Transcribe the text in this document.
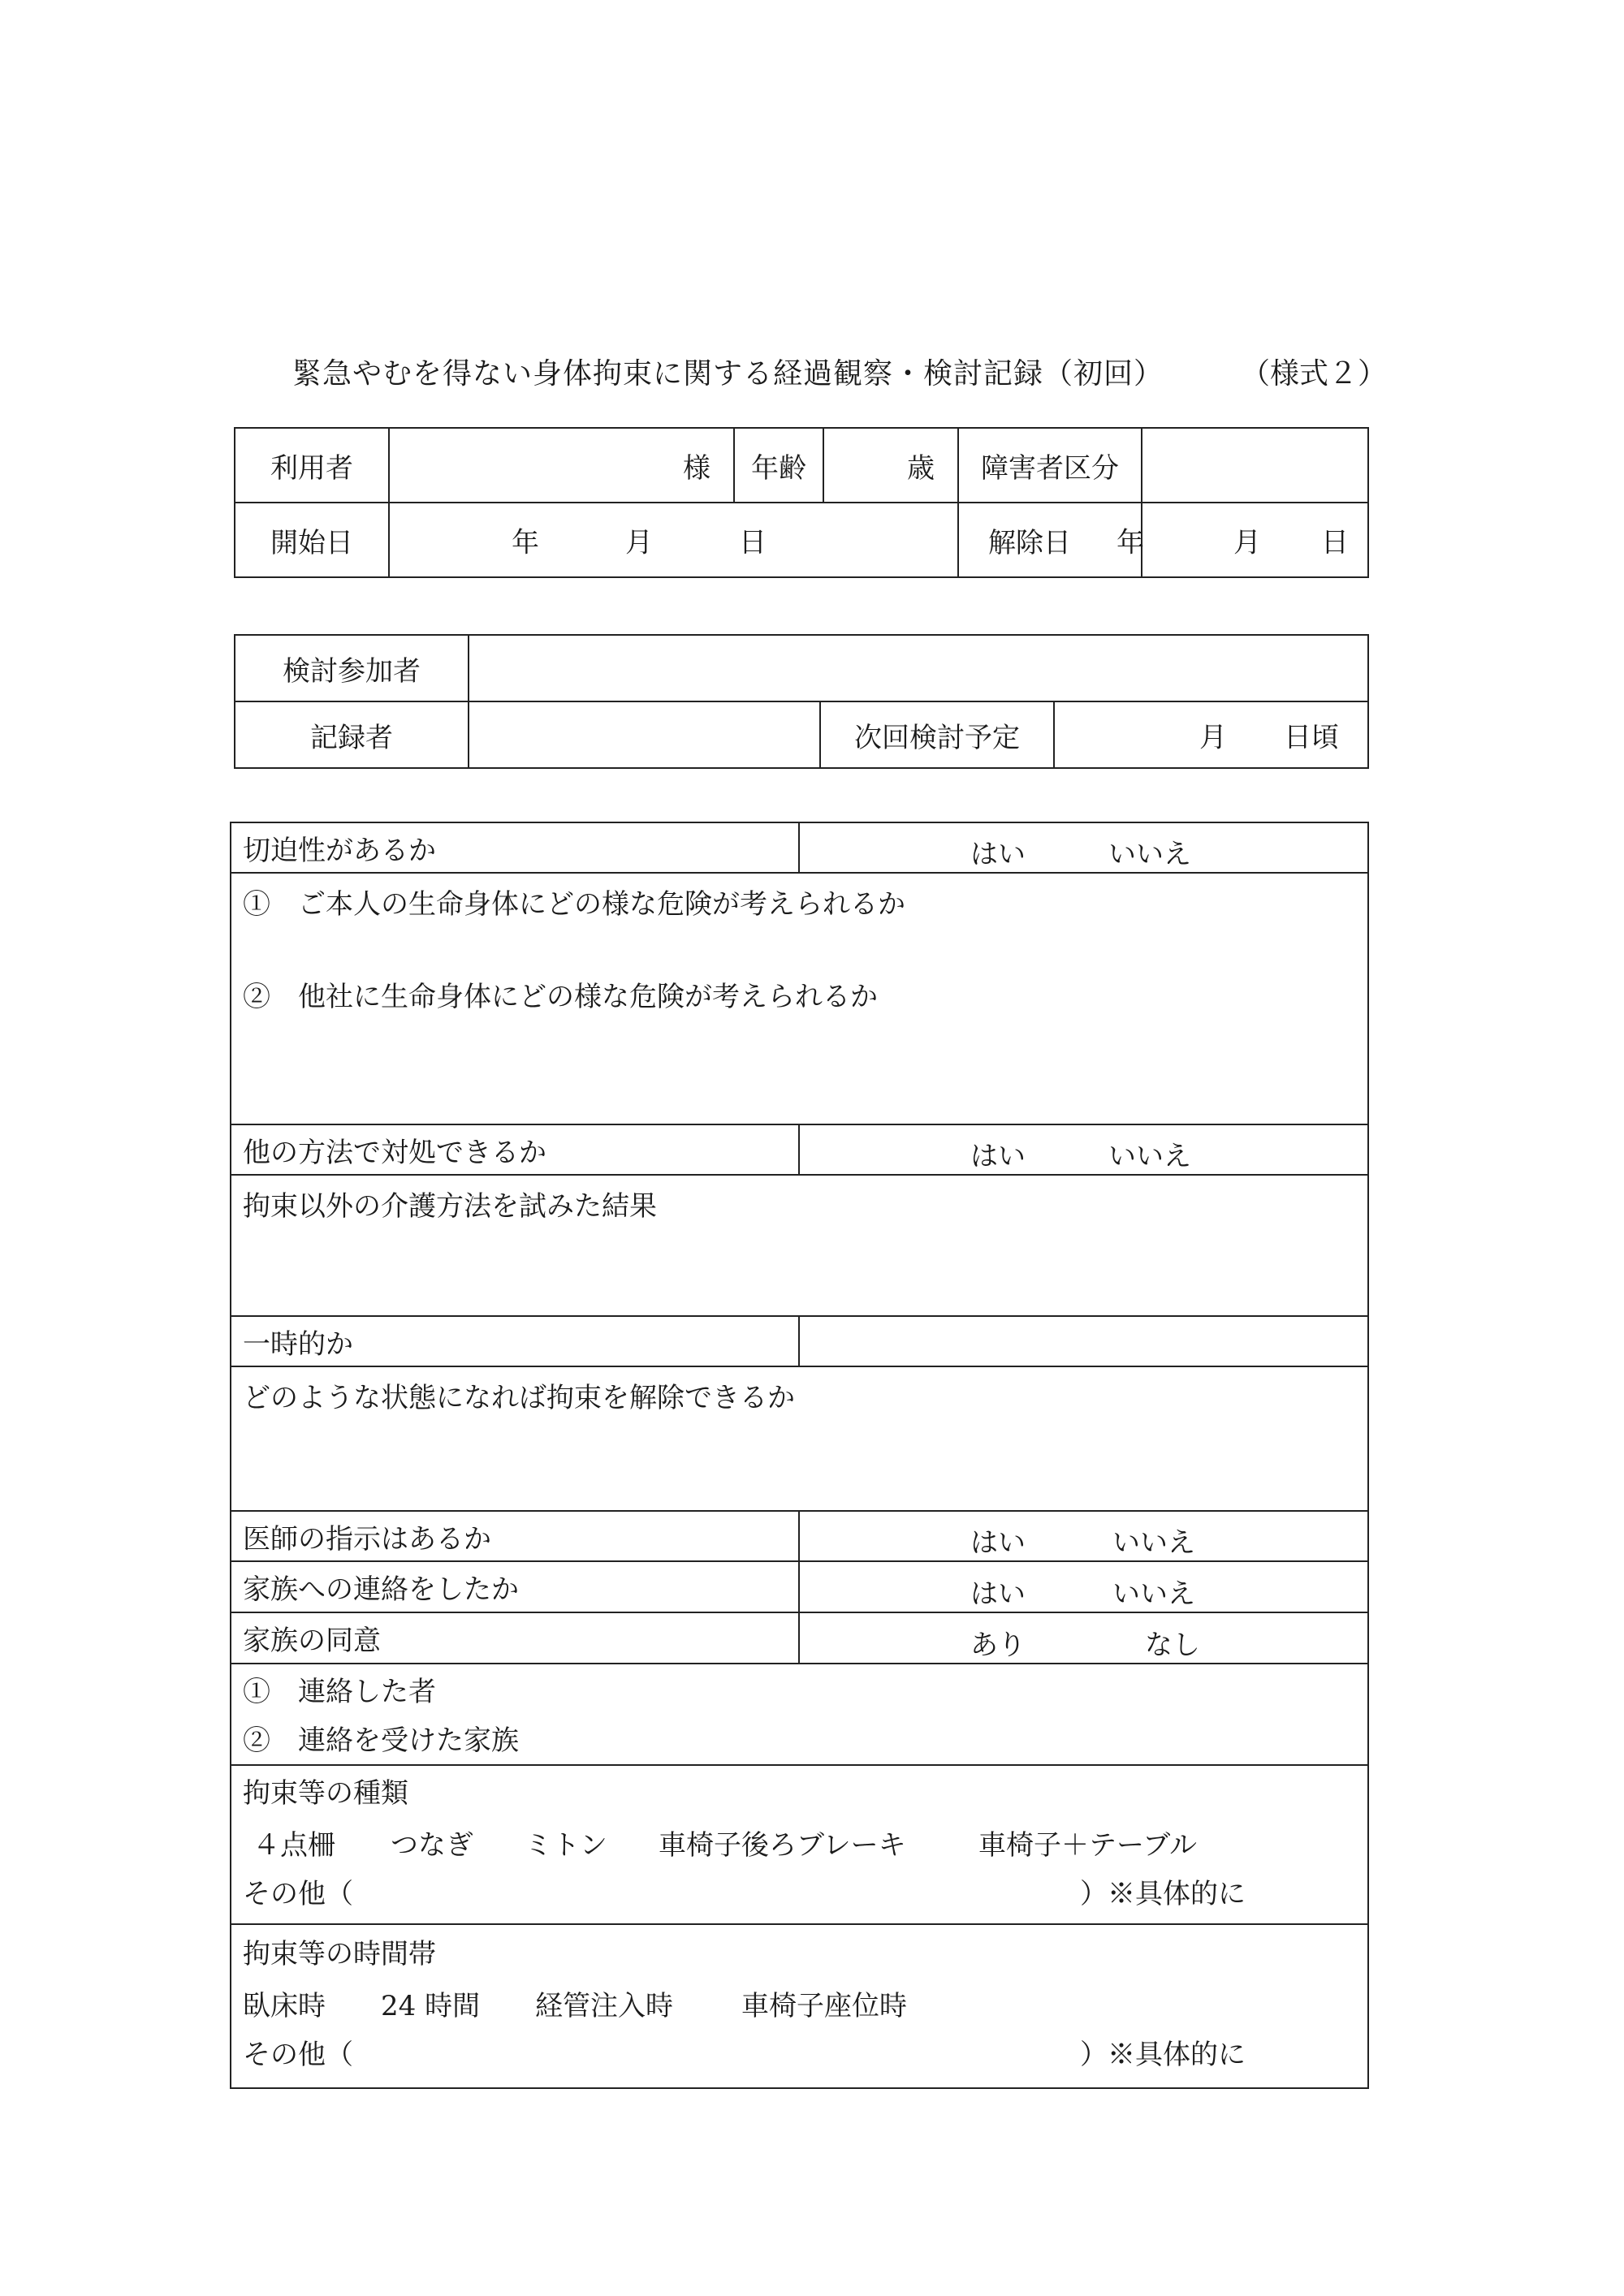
緊急やむを得ない身体拘束に関する経過観察・検討記録（初回）	（様式２）
利用者	様	年齢	歳	障害者区分	
開始日	年 月 日			解除日	年 月 日
検討参加者			
記録者		次回検討予定	月 日頃
切迫性があるか	はい いいえ

①　ご本人の生命身体にどの様な危険が考えられるか
②　他社に生命身体にどの様な危険が考えられるか	

他の方法で対処できるか	はい いいえ

拘束以外の介護方法を試みた結果	

一時的か	

どのような状態になれば拘束を解除できるか	

医師の指示はあるか	はい いいえ

家族への連絡をしたか	はい いいえ

家族の同意	あり なし

①　連絡した者
②　連絡を受けた家族	

拘束等の種類
４点柵 つなぎ ミトン 車椅子後ろブレーキ 車椅子＋テーブル
その他（ ）※具体的に	

拘束等の時間帯
臥床時 24 時間 経管注入時 車椅子座位時
その他（ ）※具体的に	
